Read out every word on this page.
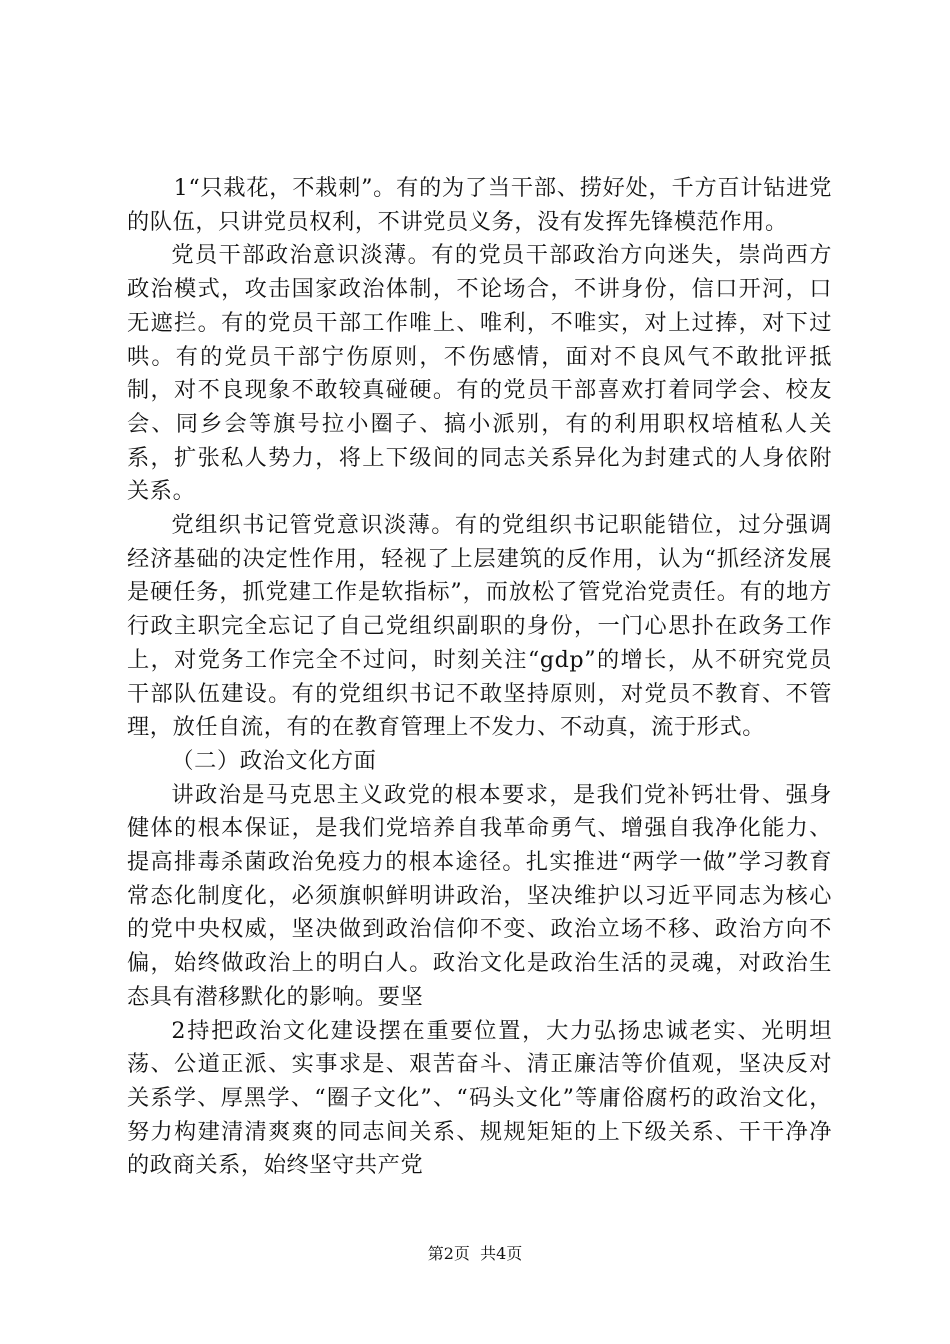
1“只栽花，不栽刺”。有的为了当干部、捞好处，千方百计钻进党的队伍，只讲党员权利，不讲党员义务，没有发挥先锋模范作用。

党员干部政治意识淡薄。有的党员干部政治方向迷失，崇尚西方政治模式，攻击国家政治体制，不论场合，不讲身份，信口开河，口无遮拦。有的党员干部工作唯上、唯利，不唯实，对上过捧，对下过哄。有的党员干部宁伤原则，不伤感情，面对不良风气不敢批评抵制，对不良现象不敢较真碰硬。有的党员干部喜欢打着同学会、校友会、同乡会等旗号拉小圈子、搞小派别，有的利用职权培植私人关系，扩张私人势力，将上下级间的同志关系异化为封建式的人身依附关系。

党组织书记管党意识淡薄。有的党组织书记职能错位，过分强调经济基础的决定性作用，轻视了上层建筑的反作用，认为“抓经济发展是硬任务，抓党建工作是软指标”，而放松了管党治党责任。有的地方行政主职完全忘记了自己党组织副职的身份，一门心思扑在政务工作上，对党务工作完全不过问，时刻关注“gdp”的增长，从不研究党员干部队伍建设。有的党组织书记不敢坚持原则，对党员不教育、不管理，放任自流，有的在教育管理上不发力、不动真，流于形式。

（二）政治文化方面

讲政治是马克思主义政党的根本要求，是我们党补钙壮骨、强身健体的根本保证，是我们党培养自我革命勇气、增强自我净化能力、提高排毒杀菌政治免疫力的根本途径。扎实推进“两学一做”学习教育常态化制度化，必须旗帜鲜明讲政治，坚决维护以习近平同志为核心的党中央权威，坚决做到政治信仰不变、政治立场不移、政治方向不偏，始终做政治上的明白人。政治文化是政治生活的灵魂，对政治生态具有潜移默化的影响。要坚

2持把政治文化建设摆在重要位置，大力弘扬忠诚老实、光明坦荡、公道正派、实事求是、艰苦奋斗、清正廉洁等价值观，坚决反对关系学、厚黑学、“圈子文化”、“码头文化”等庸俗腐朽的政治文化，努力构建清清爽爽的同志间关系、规规矩矩的上下级关系、干干净净的政商关系，始终坚守共产党

第2页  共4页
